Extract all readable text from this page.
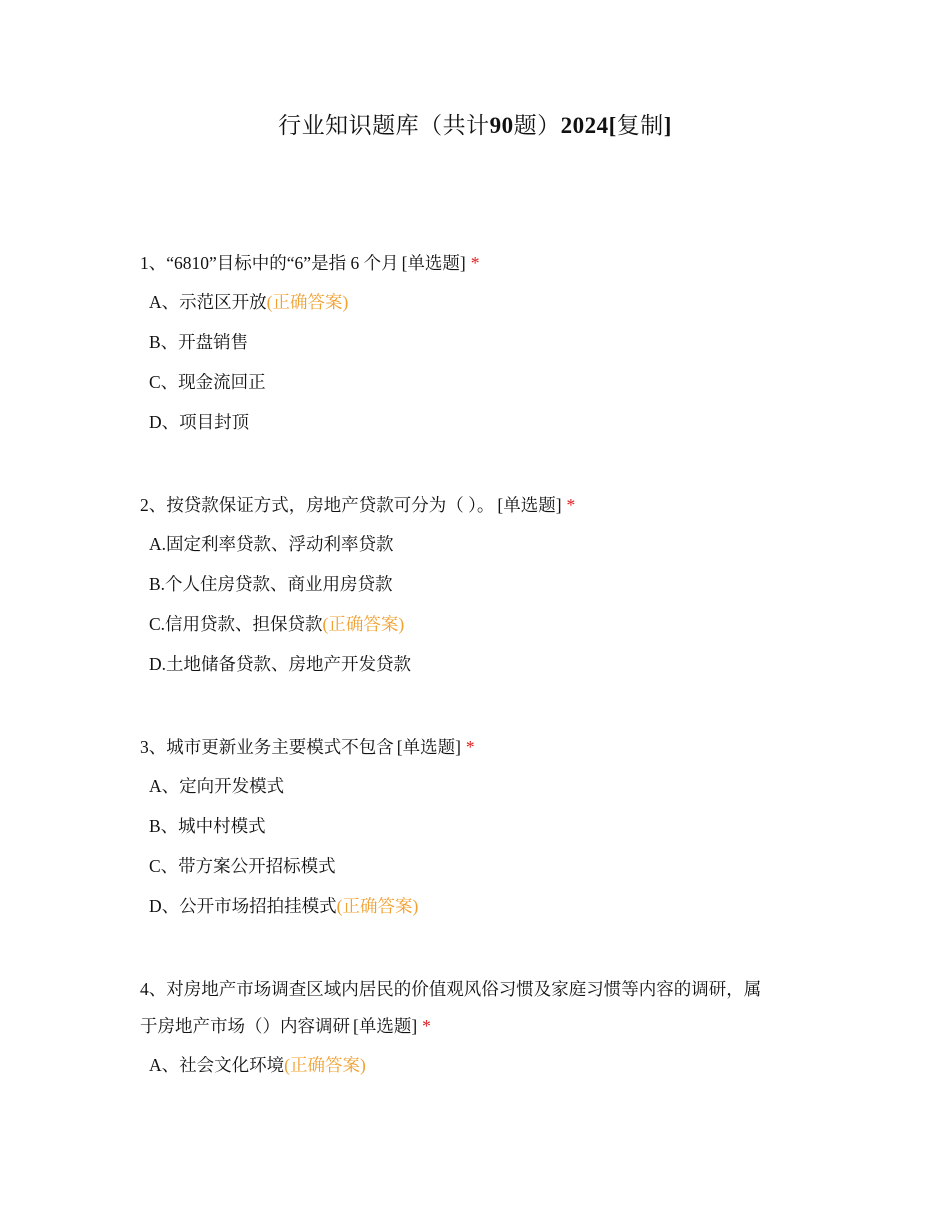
行业知识题库（共计90题）2024[复制]

1、“6810”目标中的“6”是指 6 个月 [单选题] *

A、示范区开放(正确答案)
B、开盘销售
C、现金流回正
D、项目封顶

2、按贷款保证方式，房地产贷款可分为（ ）。 [单选题] *

A.固定利率贷款、浮动利率贷款
B.个人住房贷款、商业用房贷款
C.信用贷款、担保贷款(正确答案)
D.土地储备贷款、房地产开发贷款

3、城市更新业务主要模式不包含 [单选题] *

A、定向开发模式
B、城中村模式
C、带方案公开招标模式
D、公开市场招拍挂模式(正确答案)

4、对房地产市场调查区域内居民的价值观风俗习惯及家庭习惯等内容的调研，属
于房地产市场（）内容调研 [单选题] *

A、社会文化环境(正确答案)
